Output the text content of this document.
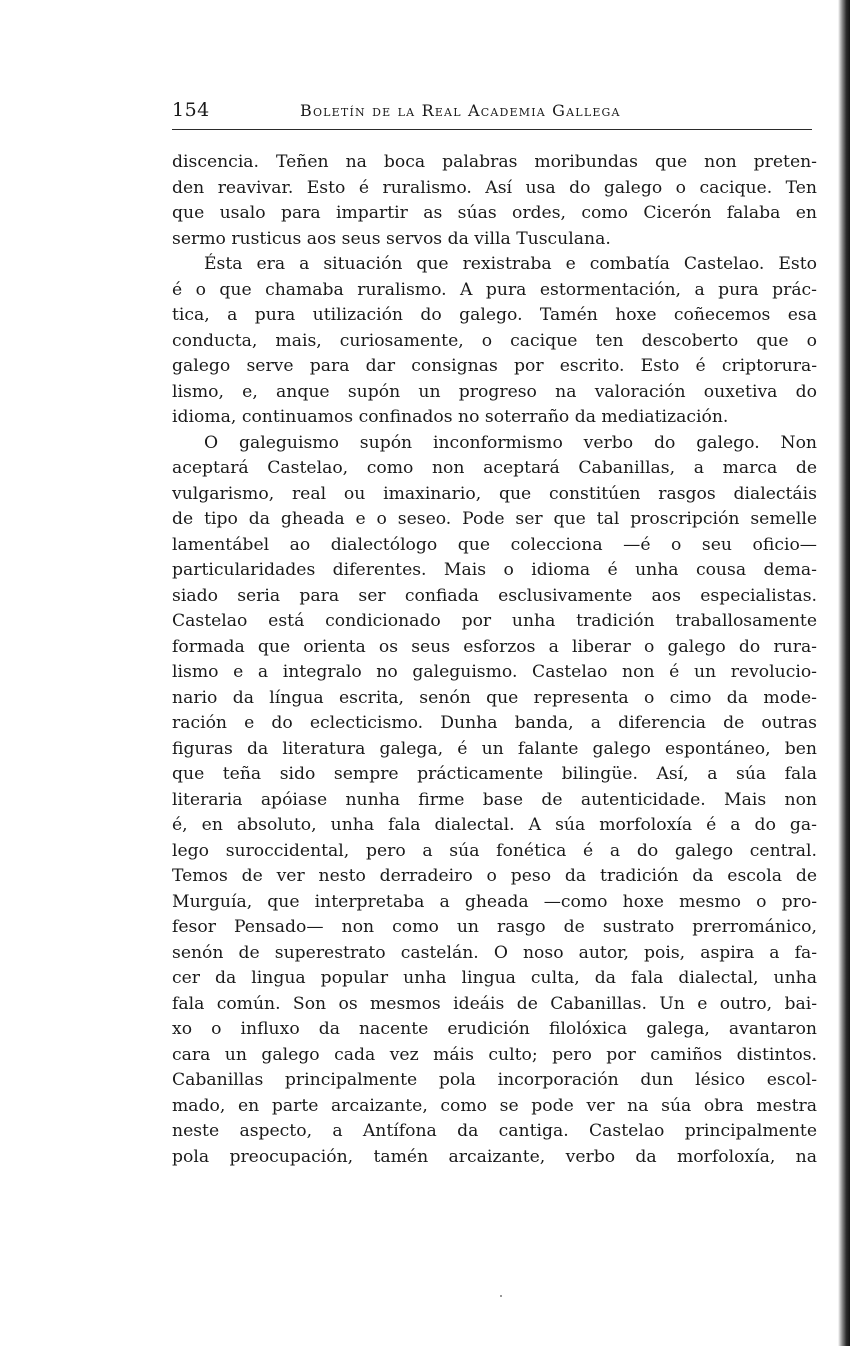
154	Boletín de la Real Academia Gallega
discencia. Teñen na boca palabras moribundas que non preten-
den reavivar. Esto é ruralismo. Así usa do galego o cacique. Ten
que usalo para impartir as súas ordes, como Cicerón falaba en
sermo rusticus aos seus servos da villa Tusculana.
Ésta era a situación que rexistraba e combatía Castelao. Esto
é o que chamaba ruralismo. A pura estormentación, a pura prác-
tica, a pura utilización do galego. Tamén hoxe coñecemos esa
conducta, mais, curiosamente, o cacique ten descoberto que o
galego serve para dar consignas por escrito. Esto é criptorura-
lismo, e, anque supón un progreso na valoración ouxetiva do
idioma, continuamos confinados no soterraño da mediatización.
O galeguismo supón inconformismo verbo do galego. Non
aceptará Castelao, como non aceptará Cabanillas, a marca de
vulgarismo, real ou imaxinario, que constitúen rasgos dialectáis
de tipo da gheada e o seseo. Pode ser que tal proscripción semelle
lamentábel ao dialectólogo que colecciona —é o seu oficio—
particularidades diferentes. Mais o idioma é unha cousa dema-
siado seria para ser confiada esclusivamente aos especialistas.
Castelao está condicionado por unha tradición traballosamente
formada que orienta os seus esforzos a liberar o galego do rura-
lismo e a integralo no galeguismo. Castelao non é un revolucio-
nario da língua escrita, senón que representa o cimo da mode-
ración e do eclecticismo. Dunha banda, a diferencia de outras
figuras da literatura galega, é un falante galego espontáneo, ben
que teña sido sempre prácticamente bilingüe. Así, a súa fala
literaria apóiase nunha firme base de autenticidade. Mais non
é, en absoluto, unha fala dialectal. A súa morfoloxía é a do ga-
lego suroccidental, pero a súa fonética é a do galego central.
Temos de ver nesto derradeiro o peso da tradición da escola de
Murguía, que interpretaba a gheada —como hoxe mesmo o pro-
fesor Pensado— non como un rasgo de sustrato prerrománico,
senón de superestrato castelán. O noso autor, pois, aspira a fa-
cer da lingua popular unha lingua culta, da fala dialectal, unha
fala común. Son os mesmos ideáis de Cabanillas. Un e outro, bai-
xo o influxo da nacente erudición filolóxica galega, avantaron
cara un galego cada vez máis culto; pero por camiños distintos.
Cabanillas principalmente pola incorporación dun lésico escol-
mado, en parte arcaizante, como se pode ver na súa obra mestra
neste aspecto, a Antífona da cantiga. Castelao principalmente
pola preocupación, tamén arcaizante, verbo da morfoloxía, na
